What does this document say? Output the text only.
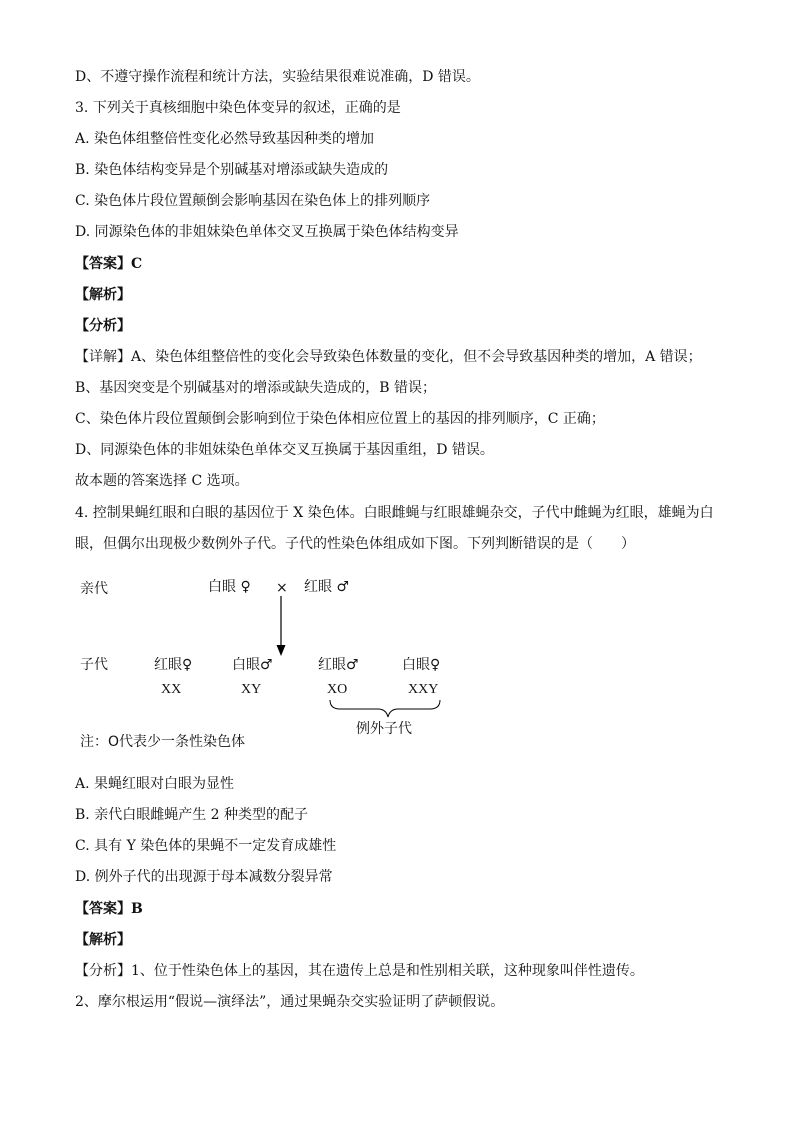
D、不遵守操作流程和统计方法，实验结果很难说准确，D 错误。
3. 下列关于真核细胞中染色体变异的叙述，正确的是
A. 染色体组整倍性变化必然导致基因种类的增加
B. 染色体结构变异是个别碱基对增添或缺失造成的
C. 染色体片段位置颠倒会影响基因在染色体上的排列顺序
D. 同源染色体的非姐妹染色单体交叉互换属于染色体结构变异
【答案】C
【解析】
【分析】
【详解】A、染色体组整倍性的变化会导致染色体数量的变化，但不会导致基因种类的增加，A 错误；
B、基因突变是个别碱基对的增添或缺失造成的，B 错误；
C、染色体片段位置颠倒会影响到位于染色体相应位置上的基因的排列顺序，C 正确；
D、同源染色体的非姐妹染色单体交叉互换属于基因重组，D 错误。
故本题的答案选择 C 选项。
4. 控制果蝇红眼和白眼的基因位于 X 染色体。白眼雌蝇与红眼雄蝇杂交，子代中雌蝇为红眼，雄蝇为白
眼，但偶尔出现极少数例外子代。子代的性染色体组成如下图。下列判断错误的是（　　）
亲代	白眼 ♀ × 红眼 ♂
子代	红眼♀	白眼♂	红眼♂	白眼♀
XX	XY	XO	XXY
例外子代
注：O代表少一条性染色体
A. 果蝇红眼对白眼为显性
B. 亲代白眼雌蝇产生 2 种类型的配子
C. 具有 Y 染色体的果蝇不一定发育成雄性
D. 例外子代的出现源于母本减数分裂异常
【答案】B
【解析】
【分析】1、位于性染色体上的基因，其在遗传上总是和性别相关联，这种现象叫伴性遗传。
2、摩尔根运用“假说—演绎法”，通过果蝇杂交实验证明了萨顿假说。
